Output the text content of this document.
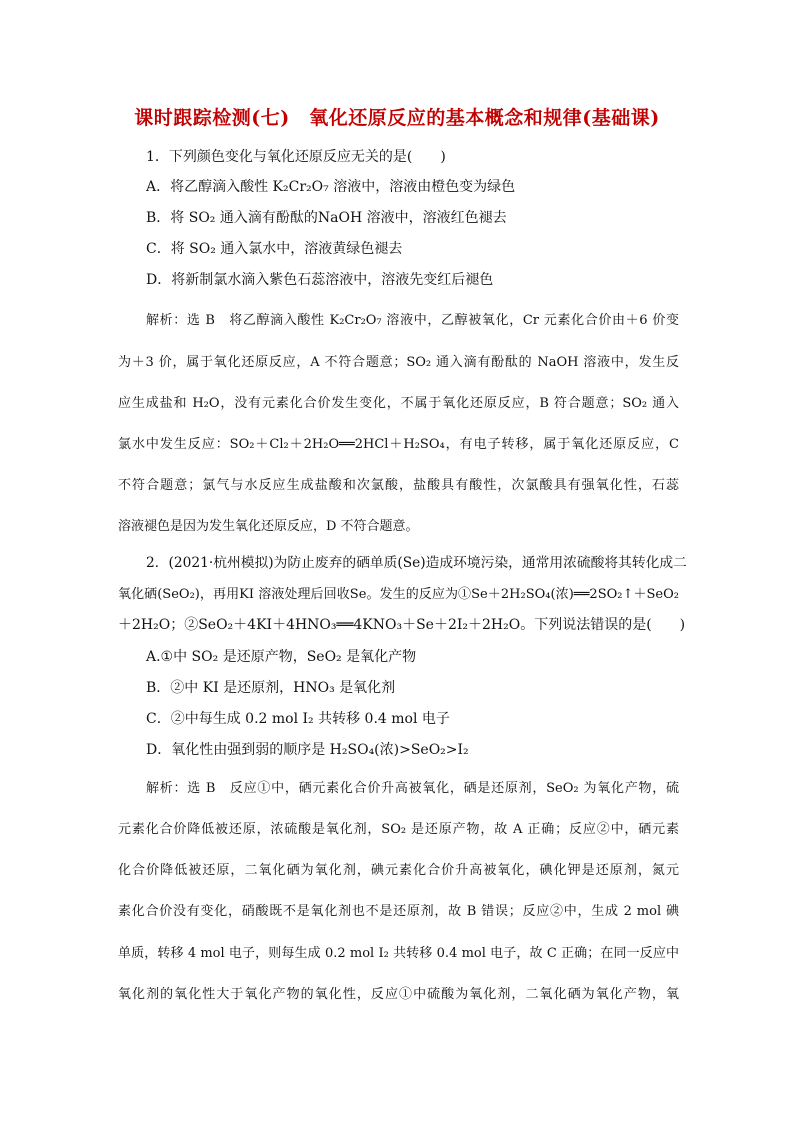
课时跟踪检测(七)　氧化还原反应的基本概念和规律(基础课)
1．下列颜色变化与氧化还原反应无关的是(　　)
A．将乙醇滴入酸性 K₂Cr₂O₇ 溶液中，溶液由橙色变为绿色
B．将 SO₂ 通入滴有酚酞的NaOH 溶液中，溶液红色褪去
C．将 SO₂ 通入氯水中，溶液黄绿色褪去
D．将新制氯水滴入紫色石蕊溶液中，溶液先变红后褪色
解析：选 B　将乙醇滴入酸性 K₂Cr₂O₇ 溶液中，乙醇被氧化，Cr 元素化合价由＋6 价变
为＋3 价，属于氧化还原反应，A 不符合题意；SO₂ 通入滴有酚酞的 NaOH 溶液中，发生反
应生成盐和 H₂O，没有元素化合价发生变化，不属于氧化还原反应，B 符合题意；SO₂ 通入
氯水中发生反应：SO₂＋Cl₂＋2H₂O══2HCl＋H₂SO₄，有电子转移，属于氧化还原反应，C
不符合题意；氯气与水反应生成盐酸和次氯酸，盐酸具有酸性，次氯酸具有强氧化性，石蕊
溶液褪色是因为发生氧化还原反应，D 不符合题意。
2．(2021·杭州模拟)为防止废弃的硒单质(Se)造成环境污染，通常用浓硫酸将其转化成二
氧化硒(SeO₂)，再用KI 溶液处理后回收Se。发生的反应为①Se＋2H₂SO₄(浓)══2SO₂↑＋SeO₂
＋2H₂O；②SeO₂＋4KI＋4HNO₃══4KNO₃＋Se＋2I₂＋2H₂O。下列说法错误的是(　　)
A.①中 SO₂ 是还原产物，SeO₂ 是氧化产物
B．②中 KI 是还原剂，HNO₃ 是氧化剂
C．②中每生成 0.2 mol I₂ 共转移 0.4 mol 电子
D．氧化性由强到弱的顺序是 H₂SO₄(浓)>SeO₂>I₂
解析：选 B　反应①中，硒元素化合价升高被氧化，硒是还原剂，SeO₂ 为氧化产物，硫
元素化合价降低被还原，浓硫酸是氧化剂，SO₂ 是还原产物，故 A 正确；反应②中，硒元素
化合价降低被还原，二氧化硒为氧化剂，碘元素化合价升高被氧化，碘化钾是还原剂，氮元
素化合价没有变化，硝酸既不是氧化剂也不是还原剂，故 B 错误；反应②中，生成 2 mol 碘
单质，转移 4 mol 电子，则每生成 0.2 mol I₂ 共转移 0.4 mol 电子，故 C 正确；在同一反应中
氧化剂的氧化性大于氧化产物的氧化性，反应①中硫酸为氧化剂，二氧化硒为氧化产物，氧
